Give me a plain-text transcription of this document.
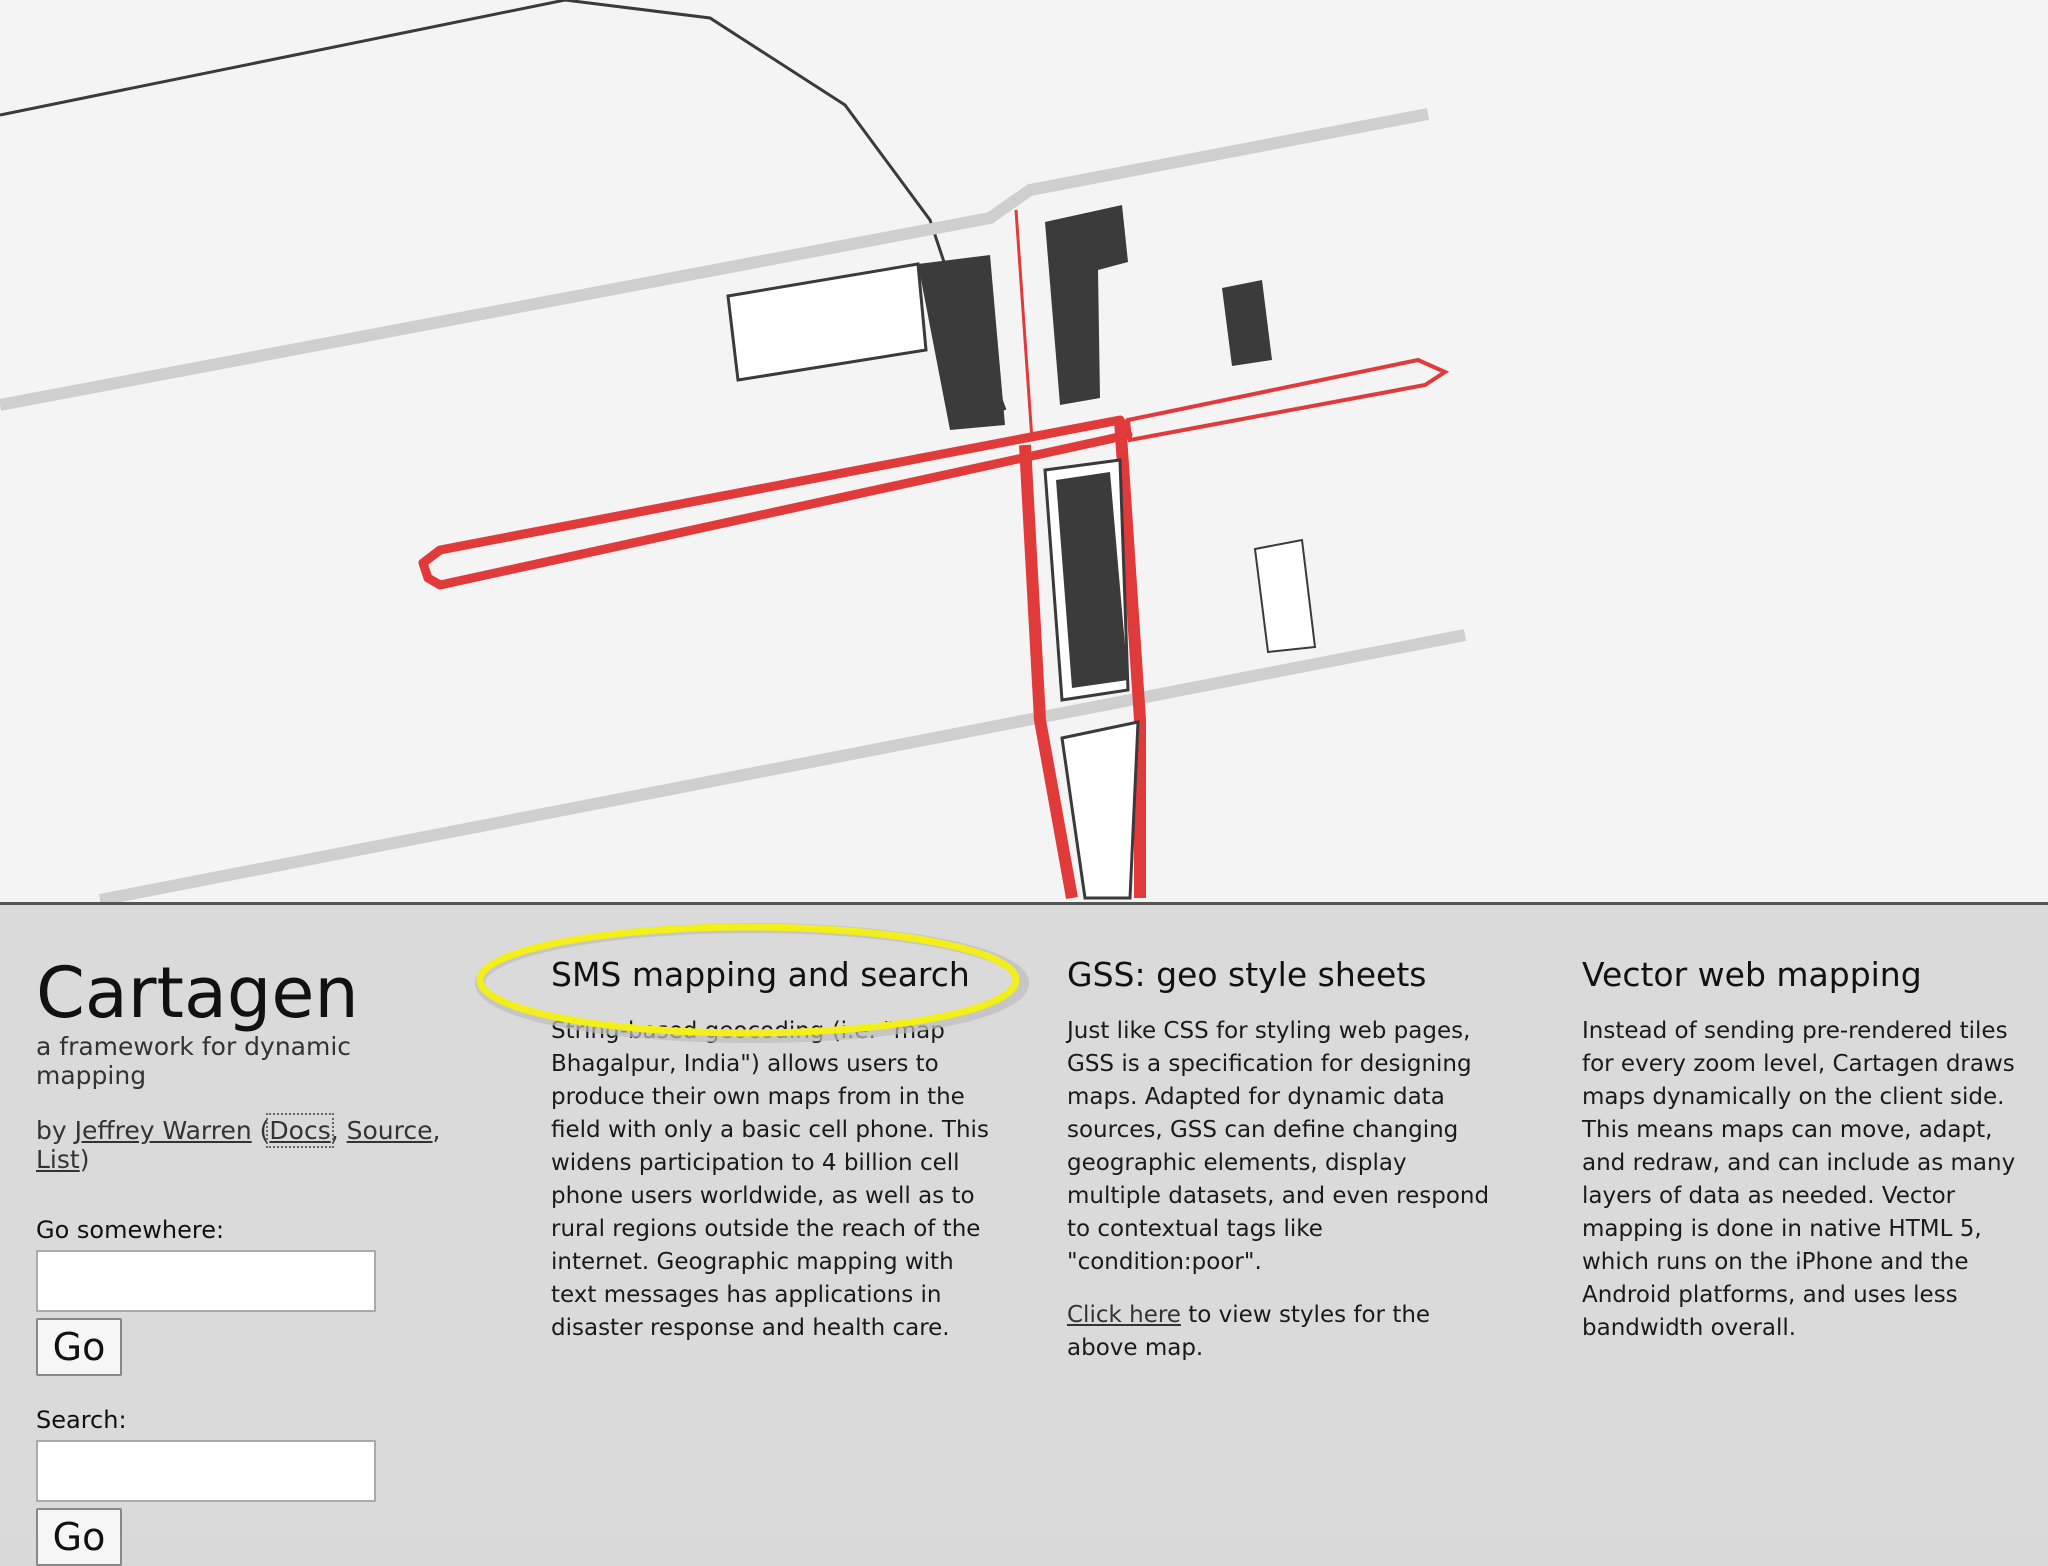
Cartagen
a framework for dynamic mapping
by Jeffrey Warren (Docs, Source, List)
Go somewhere:
Go
Search:
Go
SMS mapping and search

String-based geocoding (i.e. "map Bhagalpur, India") allows users to produce their own maps from in the field with only a basic cell phone. This widens participation to 4 billion cell phone users worldwide, as well as to rural regions outside the reach of the internet. Geographic mapping with text messages has applications in disaster response and health care.

GSS: geo style sheets

Just like CSS for styling web pages, GSS is a specification for designing maps. Adapted for dynamic data sources, GSS can define changing geographic elements, display multiple datasets, and even respond to contextual tags like "condition:poor".

Click here to view styles for the above map.

Vector web mapping

Instead of sending pre-rendered tiles for every zoom level, Cartagen draws maps dynamically on the client side. This means maps can move, adapt, and redraw, and can include as many layers of data as needed. Vector mapping is done in native HTML 5, which runs on the iPhone and the Android platforms, and uses less bandwidth overall.
